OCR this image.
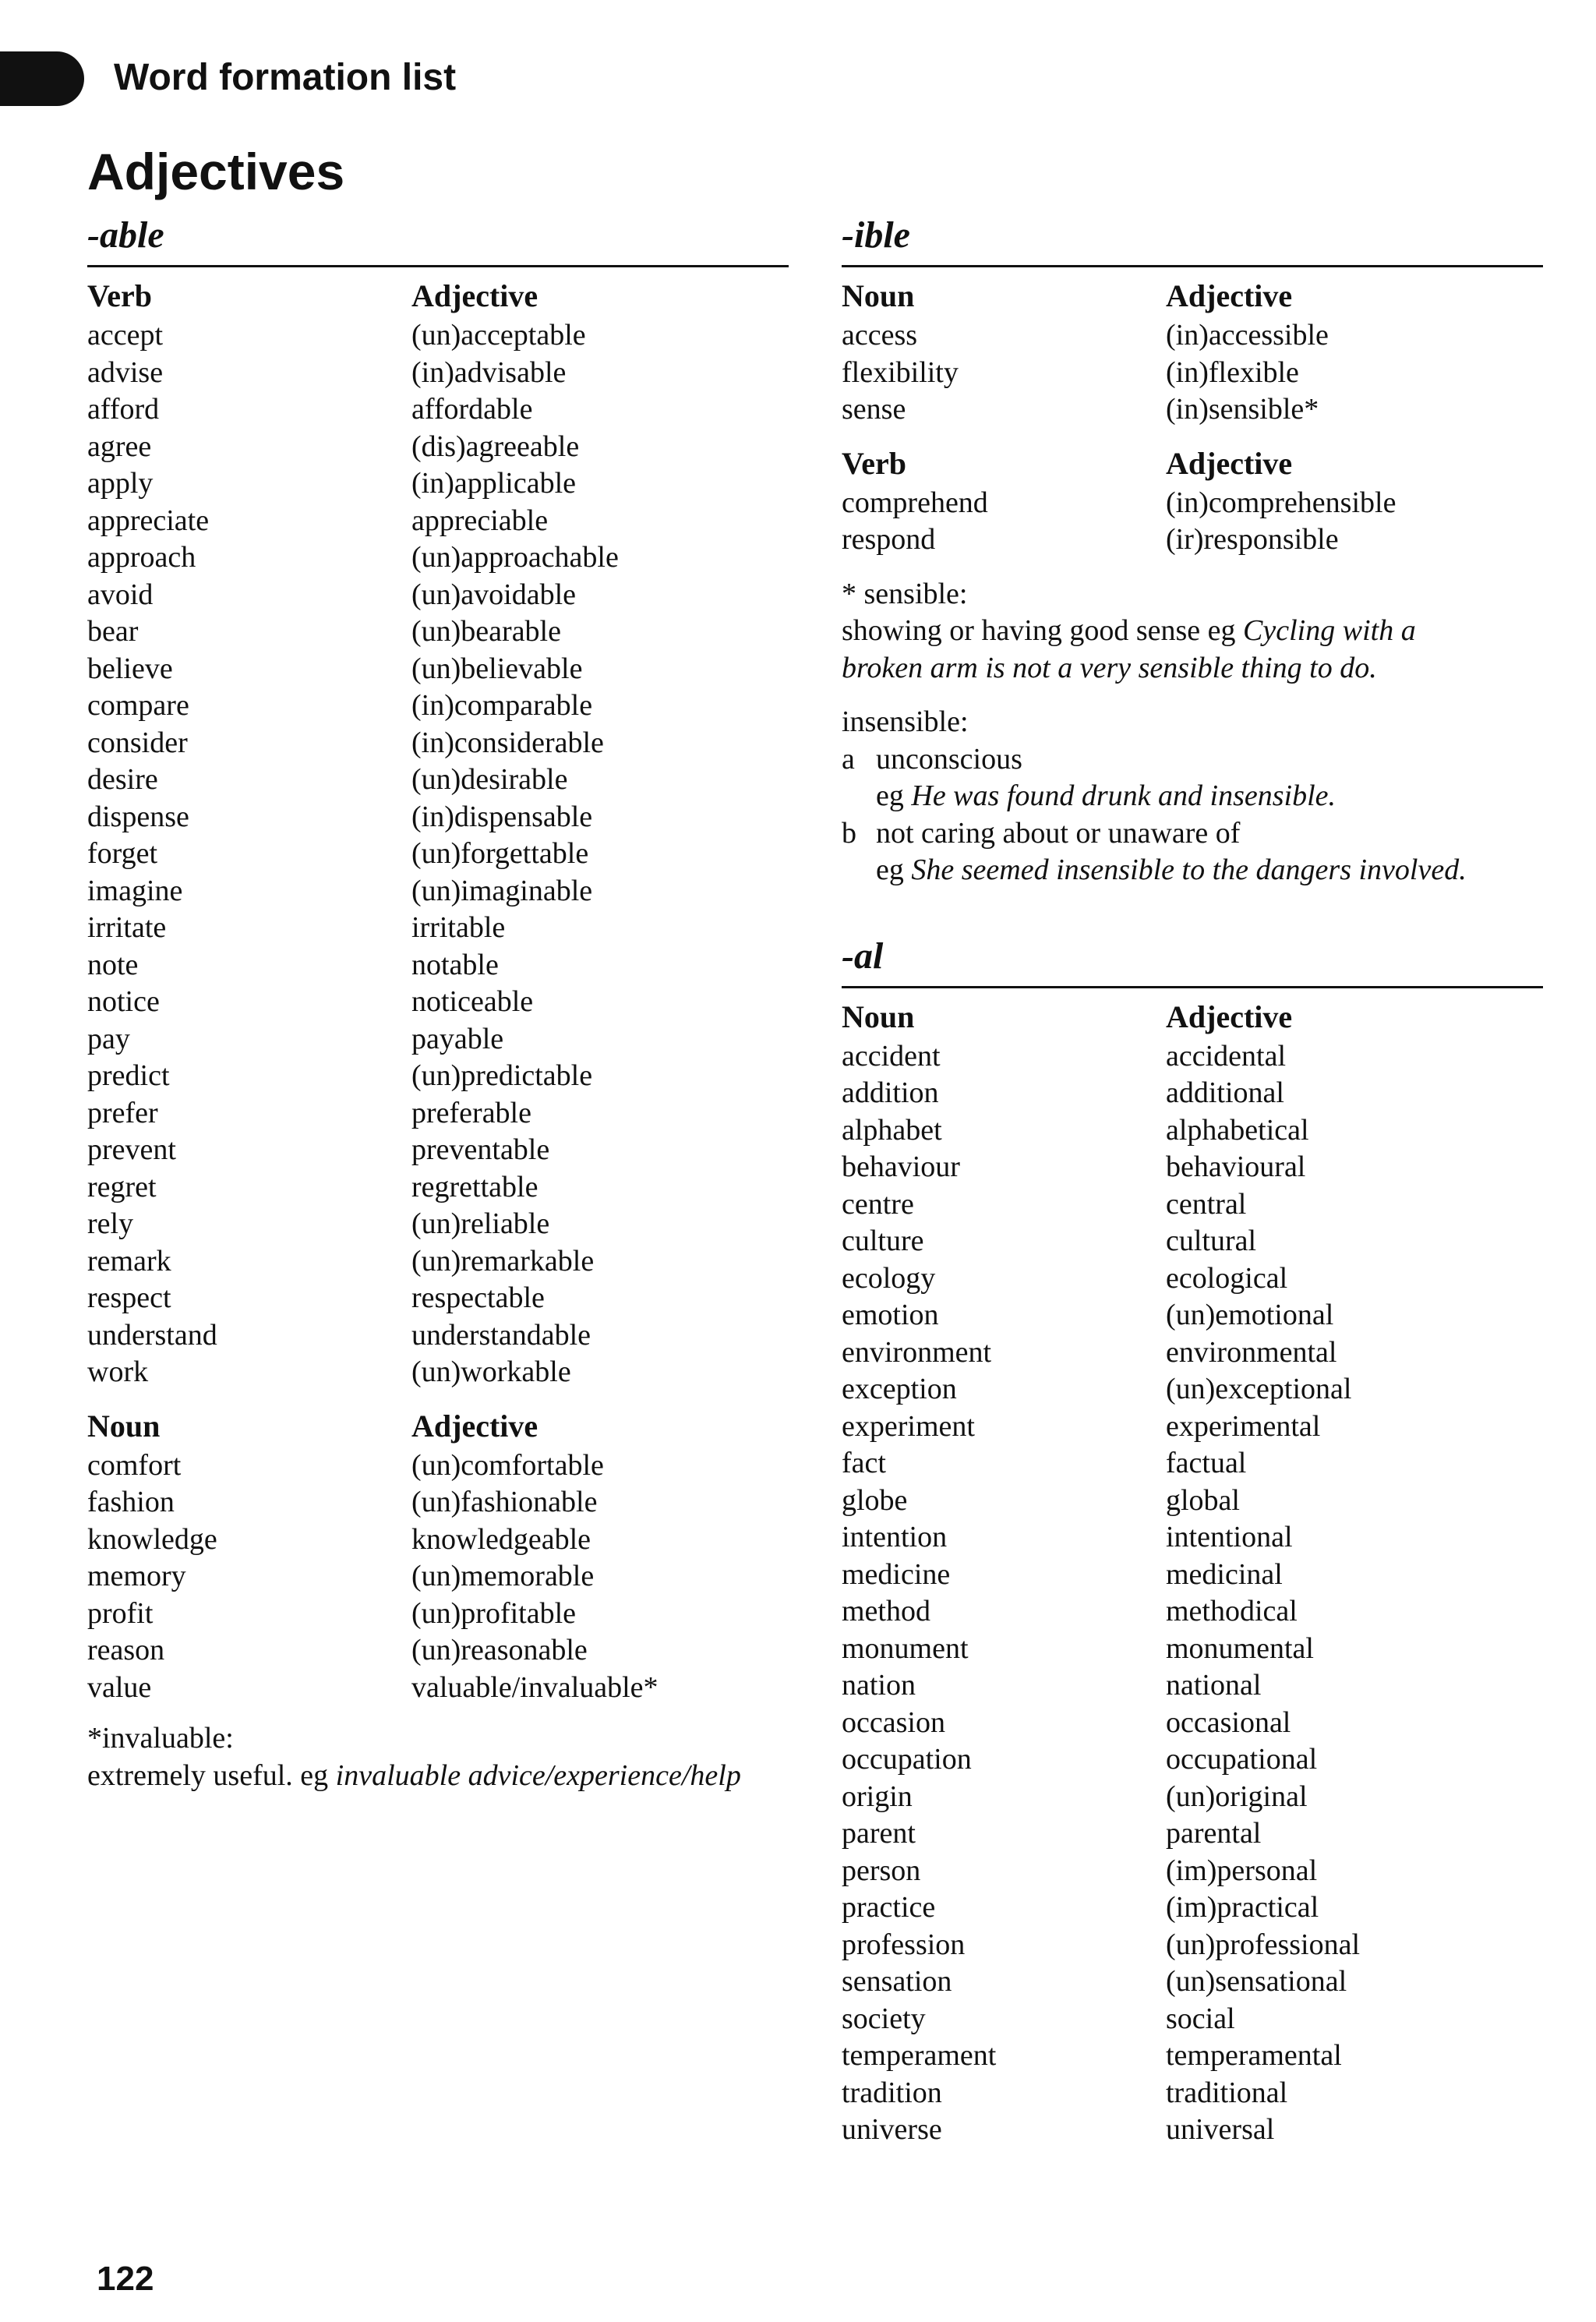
Word formation list
Adjectives
-able
Verb	Adjective
accept	(un)acceptable
advise	(in)advisable
afford	affordable
agree	(dis)agreeable
apply	(in)applicable
appreciate	appreciable
approach	(un)approachable
avoid	(un)avoidable
bear	(un)bearable
believe	(un)believable
compare	(in)comparable
consider	(in)considerable
desire	(un)desirable
dispense	(in)dispensable
forget	(un)forgettable
imagine	(un)imaginable
irritate	irritable
note	notable
notice	noticeable
pay	payable
predict	(un)predictable
prefer	preferable
prevent	preventable
regret	regrettable
rely	(un)reliable
remark	(un)remarkable
respect	respectable
understand	understandable
work	(un)workable
Noun	Adjective
comfort	(un)comfortable
fashion	(un)fashionable
knowledge	knowledgeable
memory	(un)memorable
profit	(un)profitable
reason	(un)reasonable
value	valuable/invaluable*
*invaluable:
extremely useful. eg invaluable advice/experience/help
-ible
Noun	Adjective
access	(in)accessible
flexibility	(in)flexible
sense	(in)sensible*
Verb	Adjective
comprehend	(in)comprehensible
respond	(ir)responsible
* sensible:
showing or having good sense eg Cycling with a
broken arm is not a very sensible thing to do.
insensible:
a unconscious
eg He was found drunk and insensible.
b not caring about or unaware of
eg She seemed insensible to the dangers involved.
-al
Noun	Adjective
accident	accidental
addition	additional
alphabet	alphabetical
behaviour	behavioural
centre	central
culture	cultural
ecology	ecological
emotion	(un)emotional
environment	environmental
exception	(un)exceptional
experiment	experimental
fact	factual
globe	global
intention	intentional
medicine	medicinal
method	methodical
monument	monumental
nation	national
occasion	occasional
occupation	occupational
origin	(un)original
parent	parental
person	(im)personal
practice	(im)practical
profession	(un)professional
sensation	(un)sensational
society	social
temperament	temperamental
tradition	traditional
universe	universal
122
